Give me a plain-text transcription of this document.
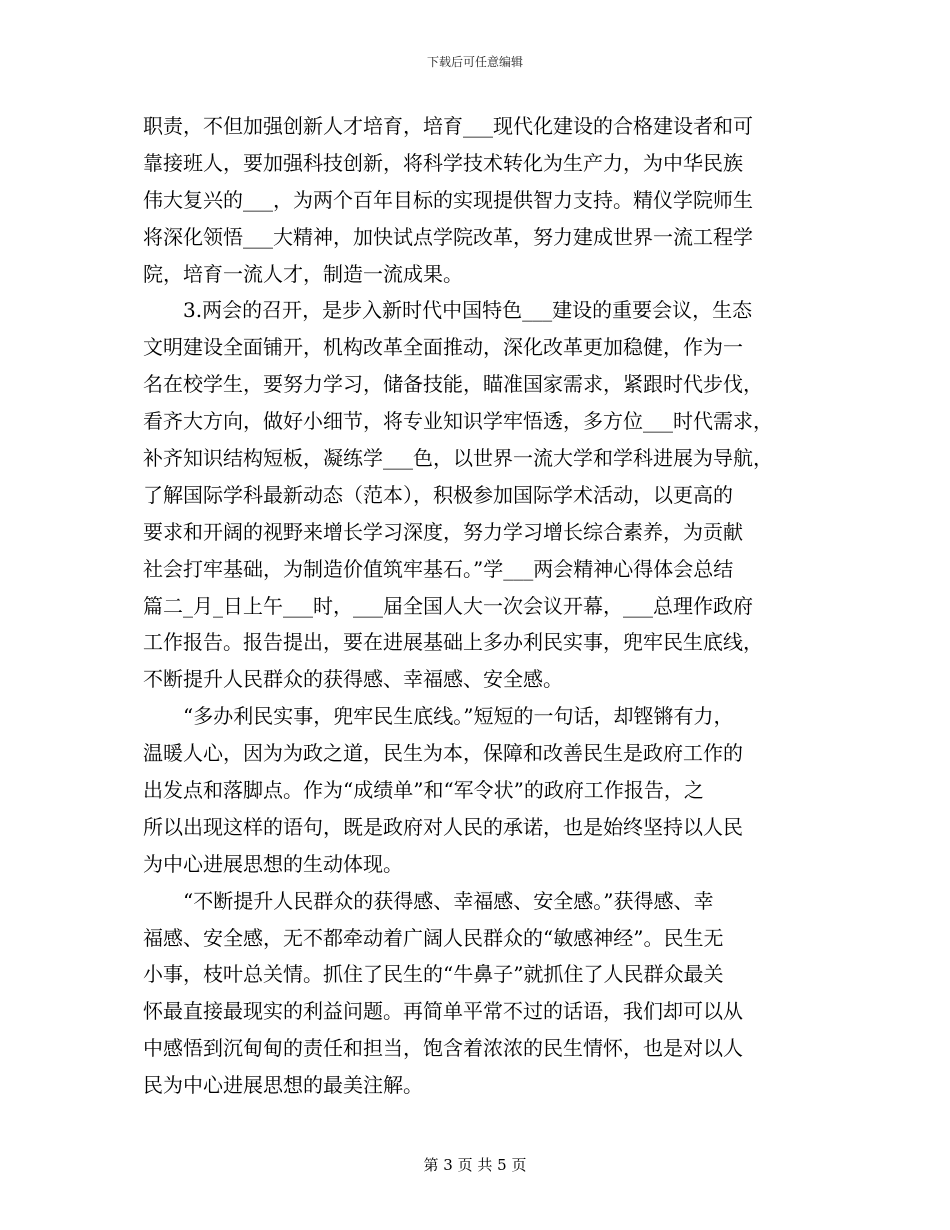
下载后可任意编辑
职责，不但加强创新人才培育，培育___现代化建设的合格建设者和可
靠接班人，要加强科技创新，将科学技术转化为生产力，为中华民族
伟大复兴的___，为两个百年目标的实现提供智力支持。精仪学院师生
将深化领悟___大精神，加快试点学院改革，努力建成世界一流工程学
院，培育一流人才，制造一流成果。
3.两会的召开，是步入新时代中国特色___建设的重要会议，生态
文明建设全面铺开，机构改革全面推动，深化改革更加稳健，作为一
名在校学生，要努力学习，储备技能，瞄准国家需求，紧跟时代步伐，
看齐大方向，做好小细节，将专业知识学牢悟透，多方位___时代需求，
补齐知识结构短板，凝练学___色，以世界一流大学和学科进展为导航，
了解国际学科最新动态（范本），积极参加国际学术活动，以更高的
要求和开阔的视野来增长学习深度，努力学习增长综合素养，为贡献
社会打牢基础，为制造价值筑牢基石。”学___两会精神心得体会总结
篇二_月_日上午___时，___届全国人大一次会议开幕，___总理作政府
工作报告。报告提出，要在进展基础上多办利民实事，兜牢民生底线，
不断提升人民群众的获得感、幸福感、安全感。
“多办利民实事，兜牢民生底线。”短短的一句话，却铿锵有力，
温暖人心，因为为政之道，民生为本，保障和改善民生是政府工作的
出发点和落脚点。作为“成绩单”和“军令状”的政府工作报告，之
所以出现这样的语句，既是政府对人民的承诺，也是始终坚持以人民
为中心进展思想的生动体现。
“不断提升人民群众的获得感、幸福感、安全感。”获得感、幸
福感、安全感，无不都牵动着广阔人民群众的“敏感神经”。民生无
小事，枝叶总关情。抓住了民生的“牛鼻子”就抓住了人民群众最关
怀最直接最现实的利益问题。再简单平常不过的话语，我们却可以从
中感悟到沉甸甸的责任和担当，饱含着浓浓的民生情怀，也是对以人
民为中心进展思想的最美注解。
第 3 页 共 5 页
